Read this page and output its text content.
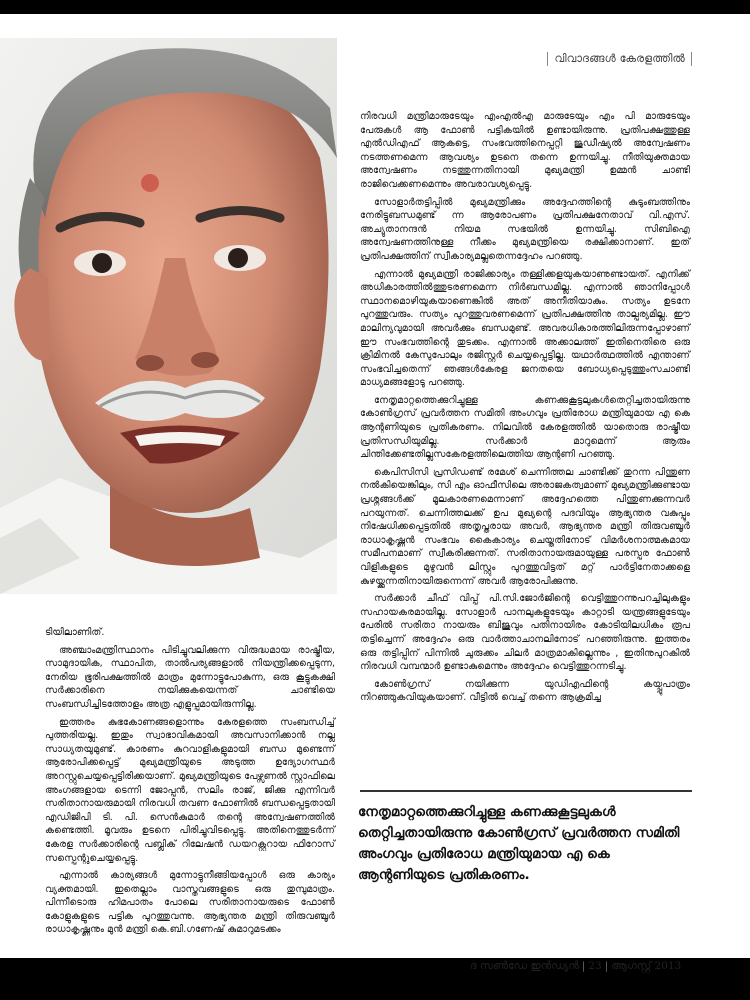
വിവാദങ്ങൾ കേരളത്തിൽ

നിരവധി മന്ത്രിമാരുടേയും എംഎൽഎ മാരുടേയും എം പി മാരുടേയും പേരുകൾ ആ ഫോൺ പട്ടികയിൽ ഉണ്ടായിരുന്നു. പ്രതിപക്ഷത്തുള്ള എൽഡിഎഫ് ആകട്ടെ, സംഭവത്തിനെപ്പറ്റി ജുഡീഷ്യൽ അന്വേഷണം നടത്തണമെന്ന ആവശ്യം ഉടനെ തന്നെ ഉന്നയിച്ചു. നീതിയുക്തമായ അന്വേഷണം നടത്തുന്നതിനായി മുഖ്യമന്ത്രി ഉമ്മൻ ചാണ്ടി രാജിവെക്കണമെന്നും അവരാവശ്യപ്പെട്ടു.

സോളാർതട്ടിപ്പിൽ മുഖ്യമന്ത്രിക്കും അദ്ദേഹത്തിന്റെ കുടുംബത്തിനും നേരിട്ടുബന്ധമുണ്ട് ന്ന ആരോപണം പ്രതിപക്ഷനേതാവ് വി.എസ്. അച്യുതാനന്ദൻ നിയമ സഭയിൽ ഉന്നയിച്ചു. സിബിഐ അന്വേഷണത്തിനുള്ള നീക്കം മുഖ്യമന്ത്രിയെ രക്ഷിക്കാനാണ്. ഇത് പ്രതിപക്ഷത്തിന് സ്വീകാര്യമല്ലതെന്നദ്ദേഹം പറഞ്ഞു.

എന്നാൽ മുഖ്യമന്ത്രി രാജിക്കാര്യം തള്ളിക്കളയുകയാണുണ്ടായത്. എനിക്ക് അധികാരത്തിൽത്തുടരണമെന്ന നിർബന്ധമില്ല. എന്നാൽ ഞാനിപ്പോൾ സ്ഥാനമൊഴിയുകയാണെങ്കിൽ അത് അനീതിയാകും. സത്യം ഉടനേ പുറത്തുവരും. സത്യം പുറത്തുവരണമെന്ന് പ്രതിപക്ഷത്തിനു താല്പര്യമില്ല. ഈ മാലിന്യവുമായി അവർക്കും ബന്ധമുണ്ട്. അവരധികാരത്തിലിരുന്നപ്പോഴാണ് ഈ സംഭവത്തിന്റെ തുടക്കം. എന്നാൽ അക്കാലത്ത് ഇതിനെതിരെ ഒരു ക്രിമിനൽ കേസുപോലും രജിസ്റ്റർ ചെയ്യപ്പെട്ടില്ല. യഥാർത്ഥത്തിൽ എന്താണ് സംഭവിച്ചതെന്ന് ഞങ്ങൾകേരള ജനതയെ ബോധ്യപ്പെടുത്തുംസചാണ്ടി മാധ്യമങ്ങളോടു പറഞ്ഞു.

നേതൃമാറ്റത്തെക്കുറിച്ചുള്ള കണക്കുകൂട്ടലുകൾതെറ്റിച്ചതായിരുന്നു കോൺഗ്രസ് പ്രവർത്തന സമിതി അംഗവും പ്രതിരോധ മന്ത്രിയുമായ എ കെ ആന്റണിയുടെ പ്രതികരണം. നിലവിൽ കേരളത്തിൽ യാതൊരു രാഷ്ട്രീയ പ്രതിസന്ധിയുമില്ല. സർക്കാർ മാറുമെന്ന് ആരും ചിന്തിക്കേണ്ടതില്ലസകേരളത്തിലെത്തിയ ആന്റണി പറഞ്ഞു.

കെപിസിസി പ്രസിഡണ്ട് രമേശ് ചെന്നിത്തല ചാണ്ടിക്ക് തുറന്ന പിന്തുണ നൽകിയെങ്കിലും, സി എം ഓഫീസിലെ അരാജകത്വമാണ് മുഖ്യമന്ത്രിക്കുണ്ടായ പ്രശ്നങ്ങൾക്ക് മൂലകാരണമെന്നാണ് അദ്ദേഹത്തെ പിന്തുണക്കുന്നവർ പറയുന്നത്. ചെന്നിത്തലക്ക് ഉപ മുഖ്യന്റെ പദവിയും ആഭ്യന്തര വകുപ്പും നിഷേധിക്കപ്പെട്ടതിൽ അതൃപ്തരായ അവർ, ആഭ്യന്തര മന്ത്രി തിരുവഞ്ചൂർ രാധാകൃഷ്ണൻ സംഭവം കൈകാര്യം ചെയ്തതിനോട് വിമർശനാത്മകമായ സമീപനമാണ് സ്വീകരിക്കുന്നത്. സരിതാനായരുമായുള്ള പരസ്പര ഫോൺ വിളികളുടെ മുഴുവൻ ലിസ്റ്റും പുറത്തുവിട്ടത് മറ്റ് പാർട്ടിനേതാക്കളെ കുഴയ്ക്കുന്നതിനായിരുന്നെന്ന് അവർ ആരോപിക്കുന്നു.

സർക്കാർ ചീഫ് വിപ്പ് പി.സി.ജോർജിന്റെ വെട്ടിത്തുറന്നുപറച്ചിലുകളും സഹായകരമായില്ല. സോളാർ പാനലുകളുടേയും കാറ്റാടി യന്ത്രങ്ങളുടേയും പേരിൽ സരിതാ നായരും ബിജുവും പതിനായിരം കോടിയിലധികം രൂപ തട്ടിച്ചെന്ന് അദ്ദേഹം ഒരു വാർത്താചാനലിനോട് പറഞ്ഞിരുന്നു. ഇത്തരം ഒരു തട്ടിപ്പിന് പിന്നിൽ ചുരുക്കം ചിലർ മാത്രമാകില്ലെന്നും , ഇതിനുപുറകിൽ നിരവധി വമ്പന്മാർ ഉണ്ടാകുമെന്നും അദ്ദേഹം വെട്ടിത്തുറന്നടിച്ചു.

കോൺഗ്രസ് നയിക്കുന്ന യുഡിഎഫിന്റെ കയ്പ്പുപാത്രം നിറഞ്ഞുകവിയുകയാണ്. വീട്ടിൽ വെച്ച് തന്നെ ആക്രമിച്ച

ടിയിലാണിത്.

അഞ്ചാംമന്ത്രിസ്ഥാനം പിടിച്ചുവലിക്കുന്ന വിരുദ്ധമായ രാഷ്ട്രീയ, സാമുദായിക, സ്ഥാപിത, താൽപര്യങ്ങളാൽ നിയന്ത്രിക്കപ്പെടുന്ന, നേരിയ ഭൂരിപക്ഷത്തിൽ മാത്രം മുന്നോട്ടുപോകുന്ന, ഒരു കൂട്ടുകക്ഷി സർക്കാരിനെ നയിക്കുകയെന്നത് ചാണ്ടിയെ സംബന്ധിച്ചിടത്തോളം അത്ര എളുപ്പമായിരുന്നില്ല.

ഇത്തരം കുഭകോണങ്ങളൊന്നും കേരളത്തെ സംബന്ധിച്ച് പുത്തരിയല്ല. ഇതും സ്വാഭാവികമായി അവസാനിക്കാൻ നല്ല സാധ്യതയുമുണ്ട്. കാരണം കുറവാളികളുമായി ബന്ധ മുണ്ടെന്ന് ആരോപിക്കപ്പെട്ട് മുഖ്യമന്ത്രിയുടെ അടുത്ത ഉദ്യോഗസ്ഥർ അറസ്റ്റുചെയ്യപ്പെട്ടിരിക്കയാണ്. മുഖ്യമന്ത്രിയുടെ പേഴ്സണൽ സ്റ്റാഫിലെ അംഗങ്ങളായ ടെന്നി ജോപ്പൻ, സലിം രാജ്, ജിക്കു എന്നിവർ സരിതാനായരുമായി നിരവധി തവണ ഫോണിൽ ബന്ധപ്പെട്ടതായി എഡിജിപി ടി. പി. സെൻകുമാർ തന്റെ അന്വേഷണത്തിൽ കണ്ടെത്തി. മൂവരും ഉടനെ പിരിച്ചുവിടപ്പെട്ടു. അതിനെത്തുടർന്ന് കേരള സർക്കാരിന്റെ പബ്ലിക് റിലേഷൻ ഡയറക്റ്ററായ ഫിറോസ് സസ്പെന്റുചെയ്യപ്പെട്ടു.

എന്നാൽ കാര്യങ്ങൾ മുന്നോട്ടുനീങ്ങിയപ്പോൾ ഒരു കാര്യം വ്യക്തമായി. ഇതെല്ലാം വാസ്തവങ്ങളുടെ ഒരു തുമ്പുമാത്രം. പിന്നീടൊരു ഹിമപാതം പോലെ സരിതാനായരുടെ ഫോൺ കോളുകളുടെ പട്ടിക പുറത്തുവന്നു. ആഭ്യന്തര മന്ത്രി തിരുവഞ്ചൂർ രാധാകൃഷ്ണനും മുൻ മന്ത്രി കെ.ബി.ഗണേഷ് കുമാറുമടക്കം

നേതൃമാറ്റത്തെക്കുറിച്ചുള്ള കണക്കുകൂട്ടലുകൾ തെറ്റിച്ചതായിരുന്നു കോൺഗ്രസ് പ്രവർത്തന സമിതി അംഗവും പ്രതിരോധ മന്ത്രിയുമായ എ കെ ആന്റണിയുടെ പ്രതികരണം.
ദ സൺഡേ ഇൻഡ്യൻ | 23 | ആഗസ്റ്റ് 2013
